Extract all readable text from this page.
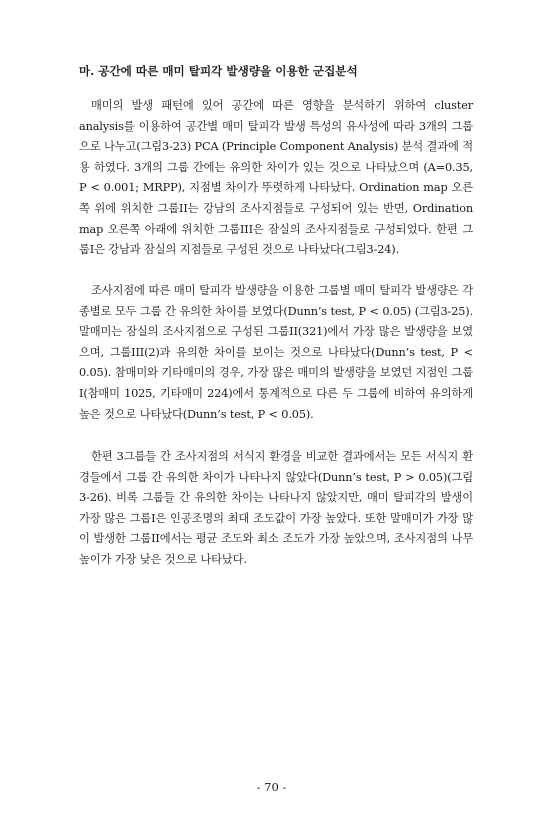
마. 공간에 따른 매미 탈피각 발생량을 이용한 군집분석

매미의 발생 패턴에 있어 공간에 따른 영향을 분석하기 위하여 cluster analysis를 이용하여 공간별 매미 탈피각 발생 특성의 유사성에 따라 3개의 그룹으로 나누고(그림3-23) PCA (Principle Component Analysis) 분석 결과에 적용 하였다. 3개의 그룹 간에는 유의한 차이가 있는 것으로 나타났으며 (A=0.35, P < 0.001; MRPP), 지점별 차이가 뚜렷하게 나타났다. Ordination map 오른쪽 위에 위치한 그룹II는 강남의 조사지점들로 구성되어 있는 반면, Ordination map 오른쪽 아래에 위치한 그룹III은 잠실의 조사지점들로 구성되었다. 한편 그룹I은 강남과 잠실의 지점들로 구성된 것으로 나타났다(그림3-24).

조사지점에 따른 매미 탈피각 발생량을 이용한 그룹별 매미 탈피각 발생량은 각 종별로 모두 그룹 간 유의한 차이를 보였다(Dunn’s test, P < 0.05) (그림3-25). 말매미는 잠실의 조사지점으로 구성된 그룹II(321)에서 가장 많은 발생량을 보였으며, 그룹III(2)과 유의한 차이를 보이는 것으로 나타났다(Dunn’s test, P < 0.05). 참매미와 기타매미의 경우, 가장 많은 매미의 발생량을 보였던 지점인 그룹I(참매미 1025, 기타매미 224)에서 통계적으로 다른 두 그룹에 비하여 유의하게 높은 것으로 나타났다(Dunn’s test, P < 0.05).

한편 3그룹들 간 조사지점의 서식지 환경을 비교한 결과에서는 모든 서식지 환경들에서 그룹 간 유의한 차이가 나타나지 않았다(Dunn’s test, P > 0.05)(그림3-26). 비록 그룹들 간 유의한 차이는 나타나지 않았지만, 매미 탈피각의 발생이 가장 많은 그룹I은 인공조명의 최대 조도값이 가장 높았다. 또한 말매미가 가장 많이 발생한 그룹II에서는 평균 조도와 최소 조도가 가장 높았으며, 조사지점의 나무 높이가 가장 낮은 것으로 나타났다.

- 70 -
